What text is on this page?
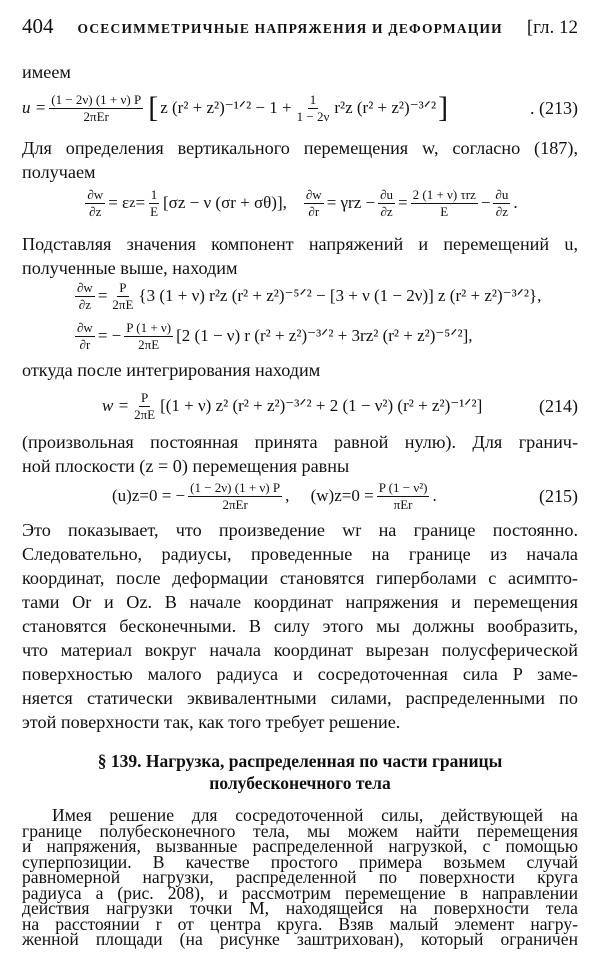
404 ОСЕСИММЕТРИЧНЫЕ НАПРЯЖЕНИЯ И ДЕФОРМАЦИИ [гл. 12
имеем
$u = \frac{(1 - 2\nu) (1 + \nu) P}{\text{2πEr}}$ [ z (r² + z²)⁻¹ᐟ² − $1 + \frac{1}{1 - 2\nu} r^2z$ (r² + z²)⁻³ᐟ² ]	. (213)
Для определения вертикального перемещения w, согласно (187),
получаем
$\frac{\partial w}{\partial z} = \varepsilon$ $z = \frac{1}{E} [\sigma z - \nu$ (σr + σθ)], $\frac{\partial w}{\partial r} = \gamma rz - \frac{\partial u}{\partial z} = \frac{\text{2 (1 + ν) τrz}}{E} - \frac{\partial u}{\partial z}$ .
Подставляя значения компонент напряжений и перемещений u,
полученные выше, находим
$\frac{\partial w}{\partial z} = \frac{P}{2\pi E} \{3$ (1 + ν) r²z (r² + z²)⁻⁵ᐟ² − [3 + ν (1 − 2ν)] z (r² + z²)⁻³ᐟ²},
$\frac{\partial w}{\partial r}$ = − $\frac{P (1 + \nu)}{2\pi E} [2$ (1 − ν) r (r² + z²)⁻³ᐟ² + 3rz² (r² + z²)⁻⁵ᐟ²],
откуда после интегрирования находим
$w = \frac{P}{2\pi E} [(1 + \nu)$ z² (r² + z²)⁻³ᐟ² + 2 (1 − ν²) (r² + z²)⁻¹ᐟ²]	(214)
(произвольная постоянная принята равной нулю). Для гранич-
ной плоскости (z = 0) перемещения равны
(u)z=0 = − $\frac{(1 - 2\nu) (1 + \nu) P}{\text{2πEr}}$ ,     $(w)z=0 = \frac{\text{P (1 − ν²)}}{\text{πEr}}$ .	(215)
Это показывает, что произведение wr на границе постоянно.
Следовательно, радиусы, проведенные на границе из начала
координат, после деформации становятся гиперболами с асимпто-
тами Or и Oz. В начале координат напряжения и перемещения
становятся бесконечными. В силу этого мы должны вообразить,
что материал вокруг начала координат вырезан полусферической
поверхностью малого радиуса и сосредоточенная сила P заме-
няется статически эквивалентными силами, распределенными по
этой поверхности так, как того требует решение.
§ 139. Нагрузка, распределенная по части границы
полубесконечного тела
Имея решение для сосредоточенной силы, действующей на
границе полубесконечного тела, мы можем найти перемещения
и напряжения, вызванные распределенной нагрузкой, с помощью
суперпозиции. В качестве простого примера возьмем случай
равномерной нагрузки, распределенной по поверхности круга
радиуса a (рис. 208), и рассмотрим перемещение в направлении
действия нагрузки точки M, находящейся на поверхности тела
на расстоянии r от центра круга. Взяв малый элемент нагру-
женной площади (на рисунке заштрихован), который ограничен
